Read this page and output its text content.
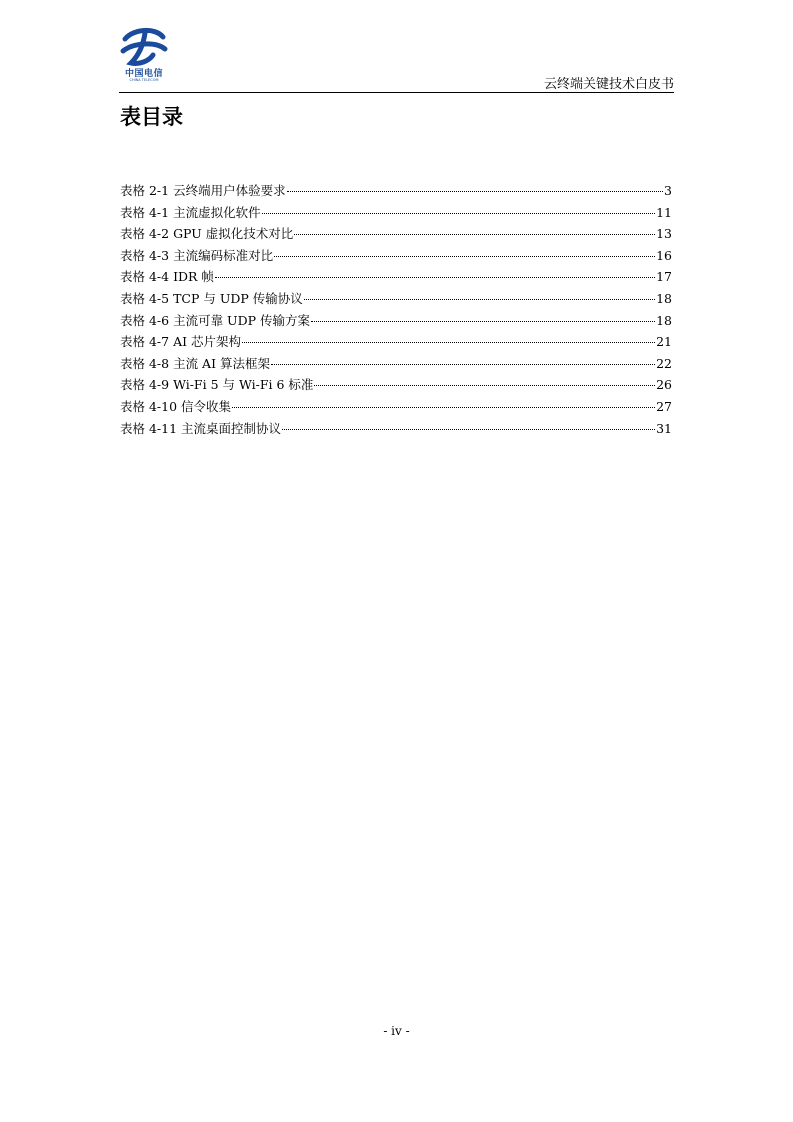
中国电信
CHINA TELECOM	云终端关键技术白皮书
表目录
表格 2-1 云终端用户体验要求	3
表格 4-1 主流虚拟化软件	11
表格 4-2 GPU 虚拟化技术对比	13
表格 4-3 主流编码标准对比	16
表格 4-4 IDR 帧	17
表格 4-5 TCP 与 UDP 传输协议	18
表格 4-6 主流可靠 UDP 传输方案	18
表格 4-7 AI 芯片架构	21
表格 4-8 主流 AI 算法框架	22
表格 4-9 Wi-Fi 5 与 Wi-Fi 6 标准	26
表格 4-10 信令收集	27
表格 4-11 主流桌面控制协议	31
- iv -
